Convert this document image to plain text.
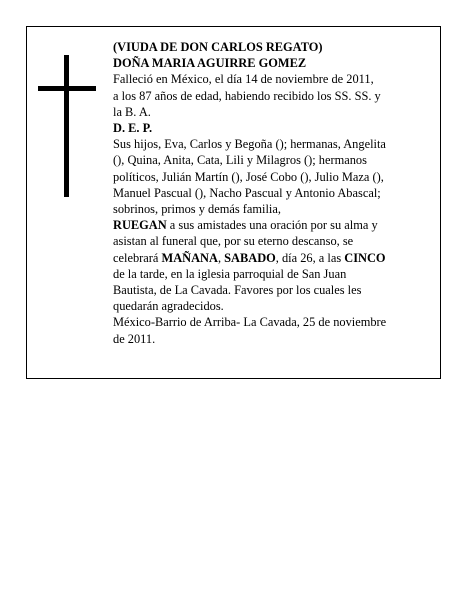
(VIUDA DE DON CARLOS REGATO)

DOÑA MARIA AGUIRRE GOMEZ

Falleció en México, el día 14 de noviembre de 2011,

a los 87 años de edad, habiendo recibido los SS. SS. y

la B. A.

D. E. P.

Sus hijos, Eva, Carlos y Begoña (); hermanas, Angelita

(), Quina, Anita, Cata, Lili y Milagros (); hermanos

políticos, Julián Martín (), José Cobo (), Julio Maza (),

Manuel Pascual (), Nacho Pascual y Antonio Abascal;

sobrinos, primos y demás familia,

RUEGAN a sus amistades una oración por su alma y

asistan al funeral que, por su eterno descanso, se

celebrará MAÑANA, SABADO, día 26, a las CINCO

de la tarde, en la iglesia parroquial de San Juan

Bautista, de La Cavada. Favores por los cuales les

quedarán agradecidos.

México-Barrio de Arriba- La Cavada, 25 de noviembre

de 2011.
